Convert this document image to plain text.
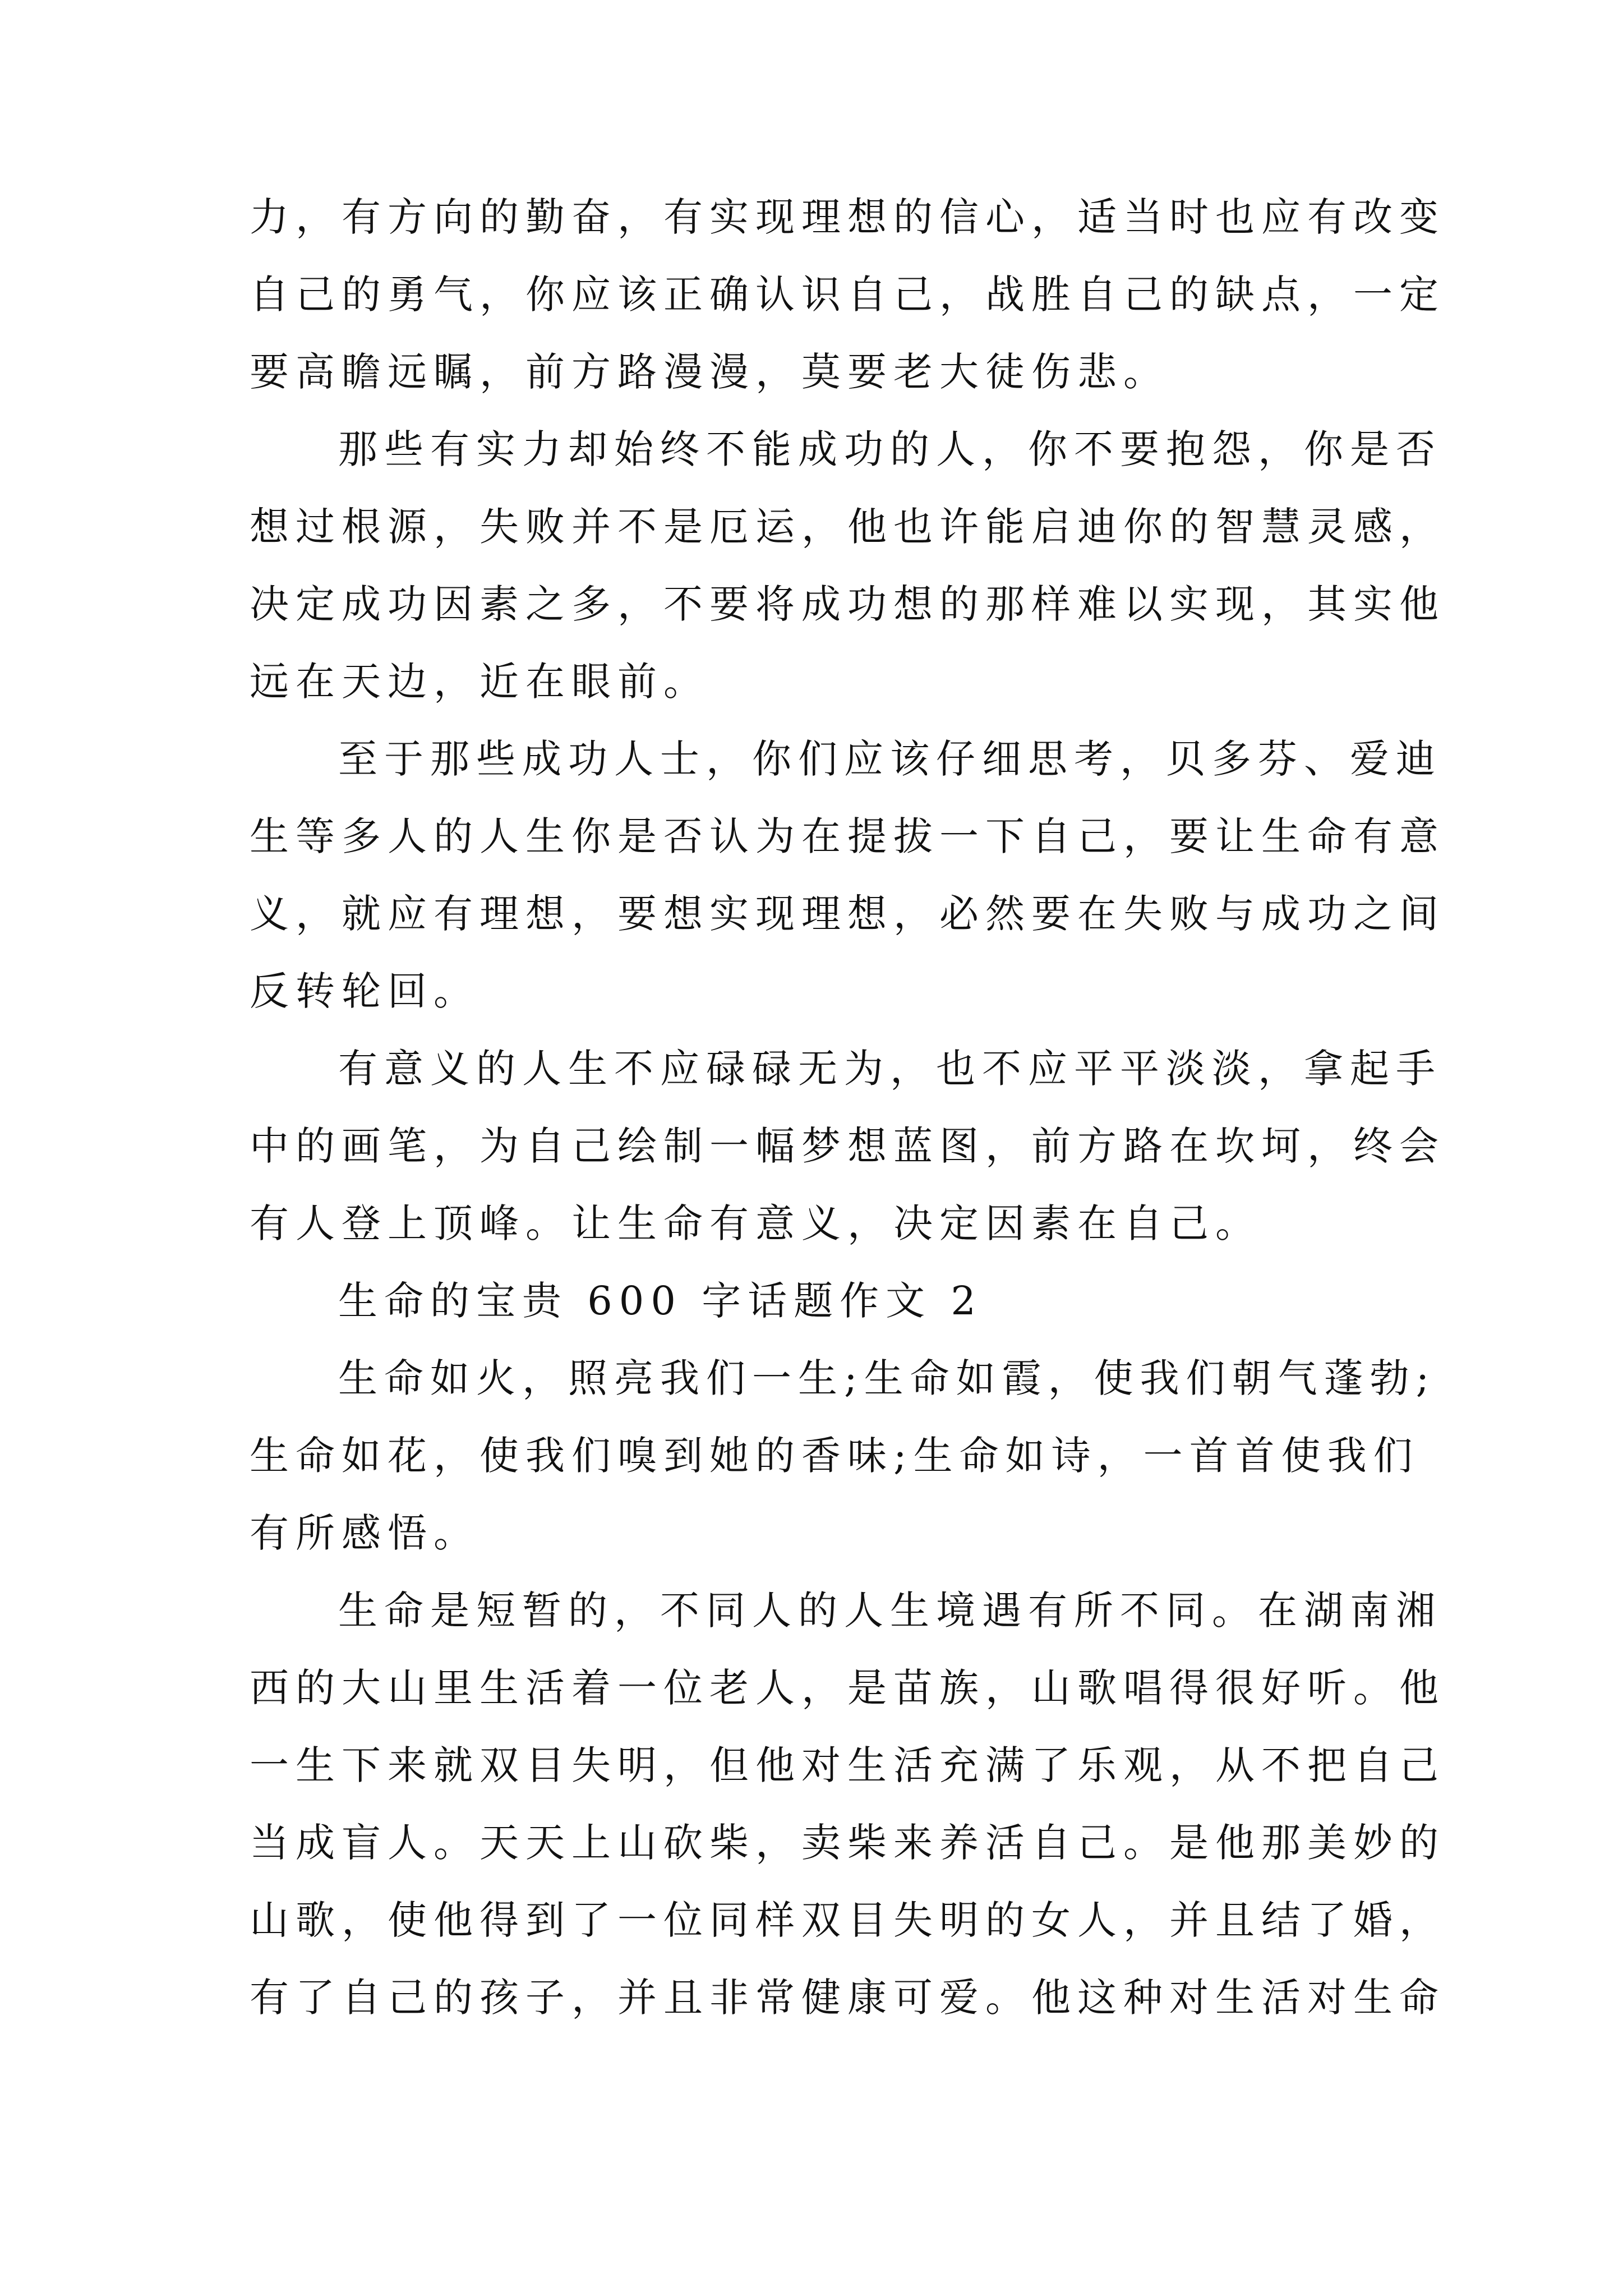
力，有方向的勤奋，有实现理想的信心，适当时也应有改变
自己的勇气，你应该正确认识自己，战胜自己的缺点，一定
要高瞻远瞩，前方路漫漫，莫要老大徒伤悲。

那些有实力却始终不能成功的人，你不要抱怨，你是否
想过根源，失败并不是厄运，他也许能启迪你的智慧灵感，
决定成功因素之多，不要将成功想的那样难以实现，其实他
远在天边，近在眼前。

至于那些成功人士，你们应该仔细思考，贝多芬、爱迪
生等多人的人生你是否认为在提拔一下自己，要让生命有意
义，就应有理想，要想实现理想，必然要在失败与成功之间
反转轮回。

有意义的人生不应碌碌无为，也不应平平淡淡，拿起手
中的画笔，为自己绘制一幅梦想蓝图，前方路在坎坷，终会
有人登上顶峰。让生命有意义，决定因素在自己。

生命的宝贵 600 字话题作文 2

生命如火，照亮我们一生;生命如霞，使我们朝气蓬勃;
生命如花，使我们嗅到她的香味;生命如诗，一首首使我们
有所感悟。

生命是短暂的，不同人的人生境遇有所不同。在湖南湘
西的大山里生活着一位老人，是苗族，山歌唱得很好听。他
一生下来就双目失明，但他对生活充满了乐观，从不把自己
当成盲人。天天上山砍柴，卖柴来养活自己。是他那美妙的
山歌，使他得到了一位同样双目失明的女人，并且结了婚，
有了自己的孩子，并且非常健康可爱。他这种对生活对生命
